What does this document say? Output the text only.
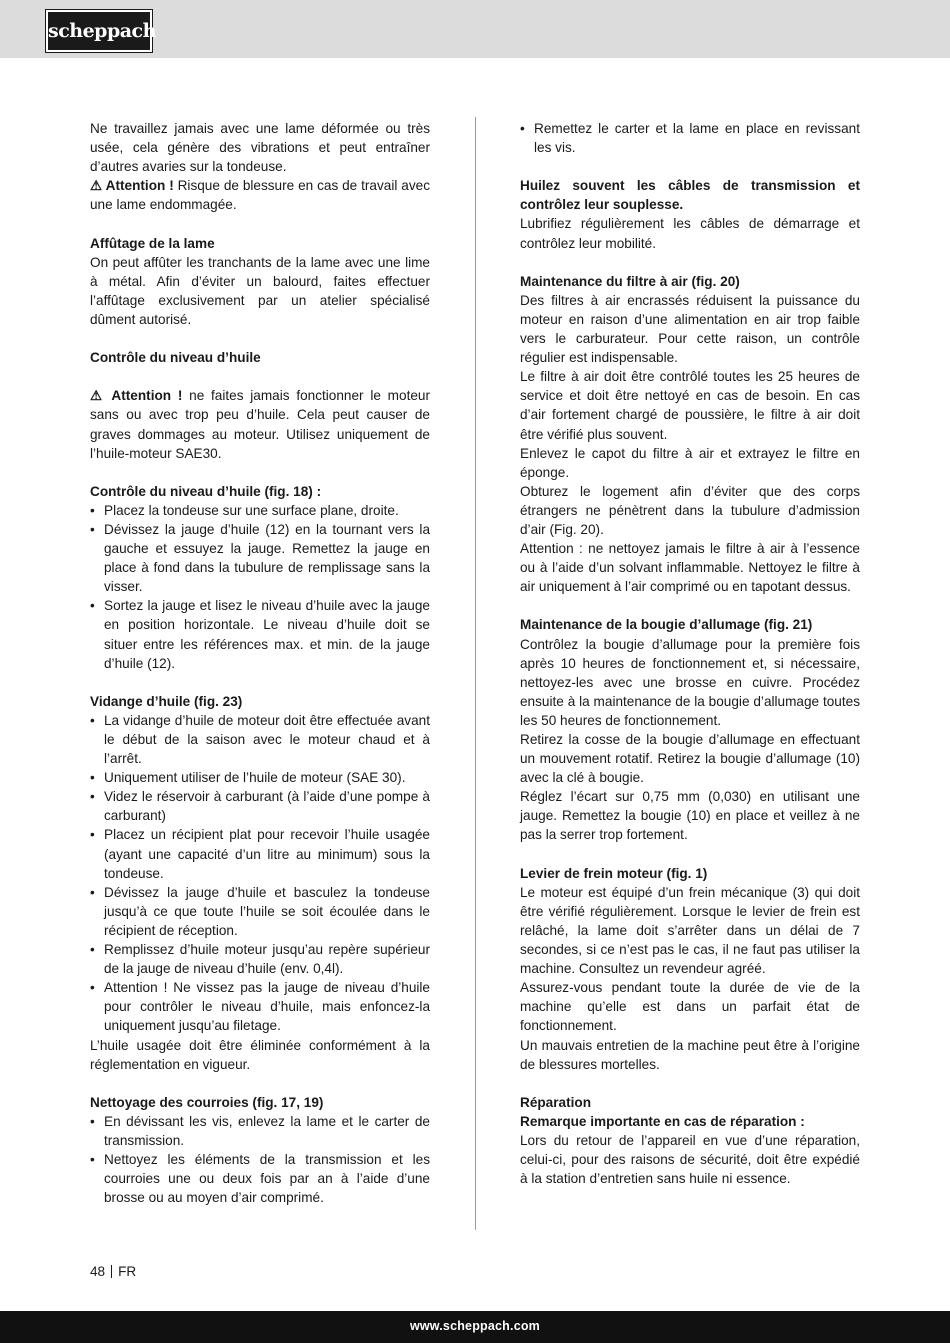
scheppach

Ne travaillez jamais avec une lame déformée ou très usée, cela génère des vibrations et peut entraîner d’autres avaries sur la tondeuse.

⚠ Attention ! Risque de blessure en cas de travail avec une lame endommagée.

Affûtage de la lame

On peut affûter les tranchants de la lame avec une lime à métal. Afin d’éviter un balourd, faites effectuer l’affûtage exclusivement par un atelier spécialisé dûment autorisé.

Contrôle du niveau d’huile

⚠ Attention ! ne faites jamais fonctionner le moteur sans ou avec trop peu d’huile. Cela peut causer de graves dommages au moteur. Utilisez uniquement de l’huile-moteur SAE30.

Contrôle du niveau d’huile (fig. 18) :

• Placez la tondeuse sur une surface plane, droite.
• Dévissez la jauge d’huile (12) en la tournant vers la gauche et essuyez la jauge. Remettez la jauge en place à fond dans la tubulure de remplissage sans la visser.
• Sortez la jauge et lisez le niveau d’huile avec la jauge en position horizontale. Le niveau d’huile doit se situer entre les références max. et min. de la jauge d’huile (12).

Vidange d’huile (fig. 23)

• La vidange d’huile de moteur doit être effectuée avant le début de la saison avec le moteur chaud et à l’arrêt.
• Uniquement utiliser de l’huile de moteur (SAE 30).
• Videz le réservoir à carburant (à l’aide d’une pompe à carburant)
• Placez un récipient plat pour recevoir l’huile usagée (ayant une capacité d’un litre au minimum) sous la tondeuse.
• Dévissez la jauge d’huile et basculez la tondeuse jusqu’à ce que toute l’huile se soit écoulée dans le récipient de réception.
• Remplissez d’huile moteur jusqu’au repère supérieur de la jauge de niveau d’huile (env. 0,4l).
• Attention ! Ne vissez pas la jauge de niveau d’huile pour contrôler le niveau d’huile, mais enfoncez-la uniquement jusqu’au filetage.

L’huile usagée doit être éliminée conformément à la réglementation en vigueur.

Nettoyage des courroies (fig. 17, 19)

• En dévissant les vis, enlevez la lame et le carter de transmission.
• Nettoyez les éléments de la transmission et les courroies une ou deux fois par an à l’aide d’une brosse ou au moyen d’air comprimé.
• Remettez le carter et la lame en place en revissant les vis.

Huilez souvent les câbles de transmission et contrôlez leur souplesse.

Lubrifiez régulièrement les câbles de démarrage et contrôlez leur mobilité.

Maintenance du filtre à air (fig. 20)

Des filtres à air encrassés réduisent la puissance du moteur en raison d’une alimentation en air trop faible vers le carburateur. Pour cette raison, un contrôle régulier est indispensable.

Le filtre à air doit être contrôlé toutes les 25 heures de service et doit être nettoyé en cas de besoin. En cas d’air fortement chargé de poussière, le filtre à air doit être vérifié plus souvent.

Enlevez le capot du filtre à air et extrayez le filtre en éponge.

Obturez le logement afin d’éviter que des corps étrangers ne pénètrent dans la tubulure d’admission d’air (Fig. 20).

Attention : ne nettoyez jamais le filtre à air à l’essence ou à l’aide d’un solvant inflammable. Nettoyez le filtre à air uniquement à l’air comprimé ou en tapotant dessus.

Maintenance de la bougie d’allumage (fig. 21)

Contrôlez la bougie d’allumage pour la première fois après 10 heures de fonctionnement et, si nécessaire, nettoyez-les avec une brosse en cuivre. Procédez ensuite à la maintenance de la bougie d’allumage toutes les 50 heures de fonctionnement.

Retirez la cosse de la bougie d’allumage en effectuant un mouvement rotatif. Retirez la bougie d’allumage (10) avec la clé à bougie.

Réglez l’écart sur 0,75 mm (0,030) en utilisant une jauge. Remettez la bougie (10) en place et veillez à ne pas la serrer trop fortement.

Levier de frein moteur (fig. 1)

Le moteur est équipé d’un frein mécanique (3) qui doit être vérifié régulièrement. Lorsque le levier de frein est relâché, la lame doit s’arrêter dans un délai de 7 secondes, si ce n’est pas le cas, il ne faut pas utiliser la machine. Consultez un revendeur agréé.

Assurez-vous pendant toute la durée de vie de la machine qu’elle est dans un parfait état de fonctionnement.

Un mauvais entretien de la machine peut être à l’origine de blessures mortelles.

Réparation

Remarque importante en cas de réparation :

Lors du retour de l’appareil en vue d’une réparation, celui-ci, pour des raisons de sécurité, doit être expédié à la station d’entretien sans huile ni essence.

48 FR
www.scheppach.com
